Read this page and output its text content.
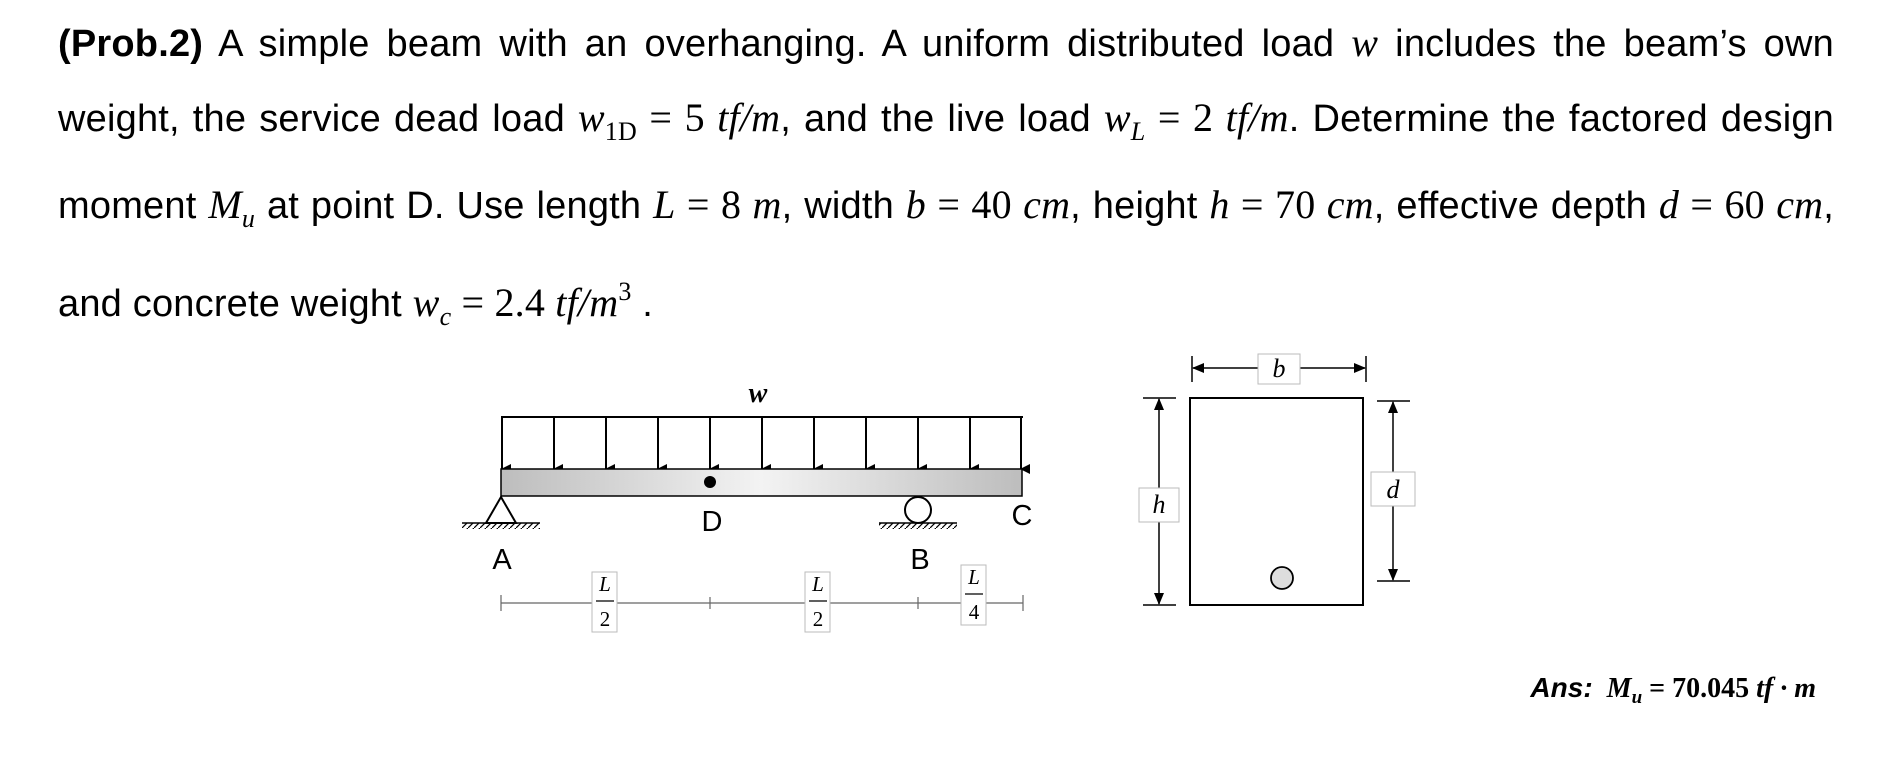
(Prob.2) A simple beam with an overhanging. A uniform distributed load w includes the beam’s own weight, the service dead load $w_{1D} = 5$ tf/m, and the live load $w_L = 2$ tf/m. Determine the factored design moment $M_u$ at point D. Use length L = 8 m, width b = 40 cm, height h = 70 cm, effective depth d = 60 cm, and concrete weight $w_c = 2.4$ $tf/m^3$ .
w
A
D
B
C
L
2
L
2
L
4
b
h
d
Ans: $M_u = 70.045$ tf · m
